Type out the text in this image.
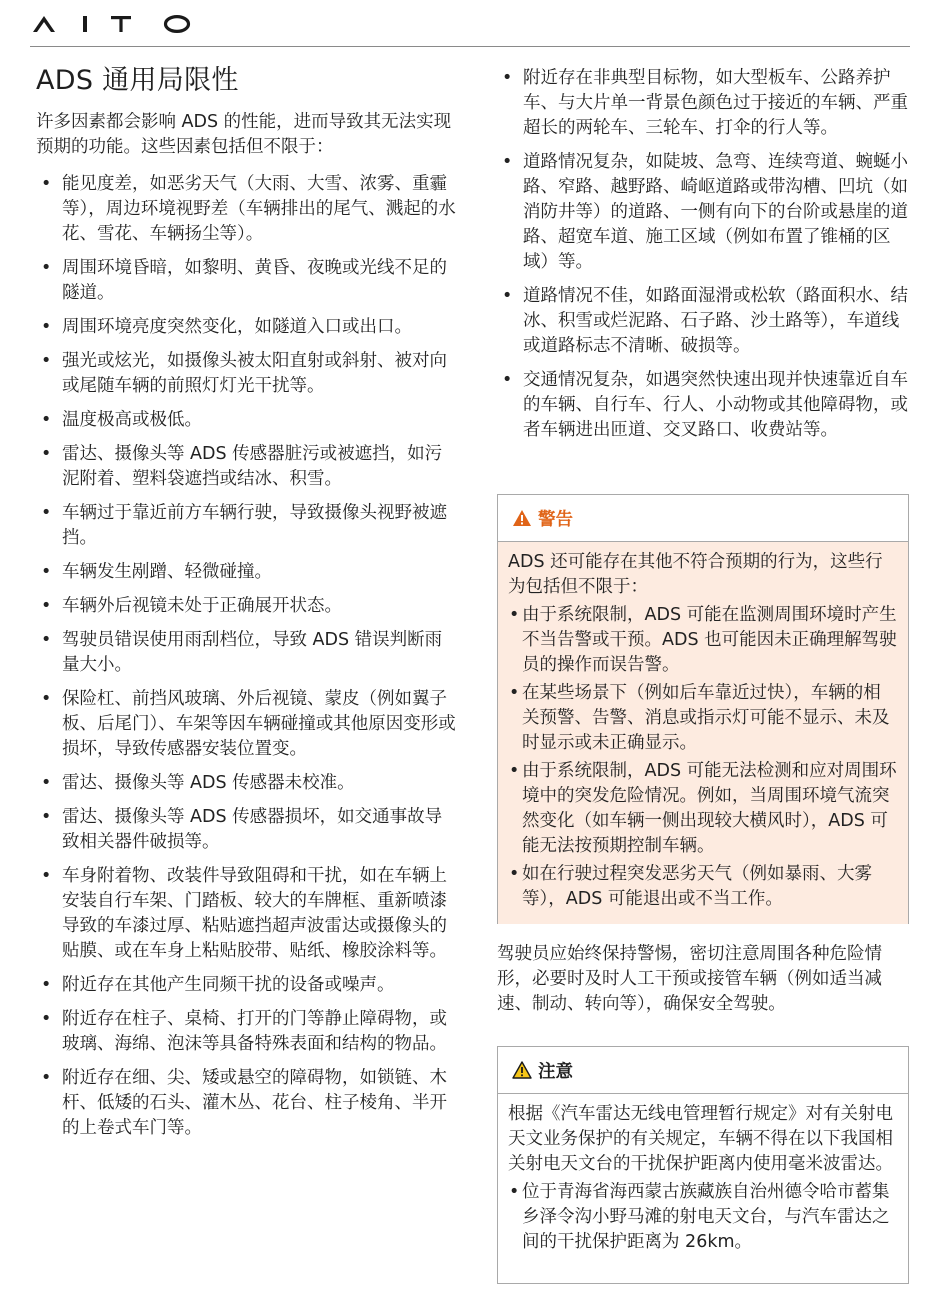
ADS 通用局限性

许多因素都会影响 ADS 的性能，进而导致其无法实现预期的功能。这些因素包括但不限于：

• 能见度差，如恶劣天气（大雨、大雪、浓雾、重霾等），周边环境视野差（车辆排出的尾气、溅起的水花、雪花、车辆扬尘等）。
• 周围环境昏暗，如黎明、黄昏、夜晚或光线不足的隧道。
• 周围环境亮度突然变化，如隧道入口或出口。
• 强光或炫光，如摄像头被太阳直射或斜射、被对向或尾随车辆的前照灯灯光干扰等。
• 温度极高或极低。
• 雷达、摄像头等 ADS 传感器脏污或被遮挡，如污泥附着、塑料袋遮挡或结冰、积雪。
• 车辆过于靠近前方车辆行驶，导致摄像头视野被遮挡。
• 车辆发生剐蹭、轻微碰撞。
• 车辆外后视镜未处于正确展开状态。
• 驾驶员错误使用雨刮档位，导致 ADS 错误判断雨量大小。
• 保险杠、前挡风玻璃、外后视镜、蒙皮（例如翼子板、后尾门）、车架等因车辆碰撞或其他原因变形或损坏，导致传感器安装位置变。
• 雷达、摄像头等 ADS 传感器未校准。
• 雷达、摄像头等 ADS 传感器损坏，如交通事故导致相关器件破损等。
• 车身附着物、改装件导致阻碍和干扰，如在车辆上安装自行车架、门踏板、较大的车牌框、重新喷漆导致的车漆过厚、粘贴遮挡超声波雷达或摄像头的贴膜、或在车身上粘贴胶带、贴纸、橡胶涂料等。
• 附近存在其他产生同频干扰的设备或噪声。
• 附近存在柱子、桌椅、打开的门等静止障碍物，或玻璃、海绵、泡沫等具备特殊表面和结构的物品。
• 附近存在细、尖、矮或悬空的障碍物，如锁链、木杆、低矮的石头、灌木丛、花台、柱子棱角、半开的上卷式车门等。
• 附近存在非典型目标物，如大型板车、公路养护车、与大片单一背景色颜色过于接近的车辆、严重超长的两轮车、三轮车、打伞的行人等。
• 道路情况复杂，如陡坡、急弯、连续弯道、蜿蜒小路、窄路、越野路、崎岖道路或带沟槽、凹坑（如消防井等）的道路、一侧有向下的台阶或悬崖的道路、超宽车道、施工区域（例如布置了锥桶的区域）等。
• 道路情况不佳，如路面湿滑或松软（路面积水、结冰、积雪或烂泥路、石子路、沙土路等），车道线或道路标志不清晰、破损等。
• 交通情况复杂，如遇突然快速出现并快速靠近自车的车辆、自行车、行人、小动物或其他障碍物，或者车辆进出匝道、交叉路口、收费站等。
警告

ADS 还可能存在其他不符合预期的行为，这些行为包括但不限于：

• 由于系统限制，ADS 可能在监测周围环境时产生不当告警或干预。ADS 也可能因未正确理解驾驶员的操作而误告警。
• 在某些场景下（例如后车靠近过快），车辆的相关预警、告警、消息或指示灯可能不显示、未及时显示或未正确显示。
• 由于系统限制，ADS 可能无法检测和应对周围环境中的突发危险情况。例如，当周围环境气流突然变化（如车辆一侧出现较大横风时），ADS 可能无法按预期控制车辆。
• 如在行驶过程突发恶劣天气（例如暴雨、大雾等），ADS 可能退出或不当工作。

驾驶员应始终保持警惕，密切注意周围各种危险情形，必要时及时人工干预或接管车辆（例如适当减速、制动、转向等），确保安全驾驶。

注意

根据《汽车雷达无线电管理暂行规定》对有关射电天文业务保护的有关规定，车辆不得在以下我国相关射电天文台的干扰保护距离内使用毫米波雷达。

• 位于青海省海西蒙古族藏族自治州德令哈市蓄集乡泽令沟小野马滩的射电天文台，与汽车雷达之间的干扰保护距离为 26km。
